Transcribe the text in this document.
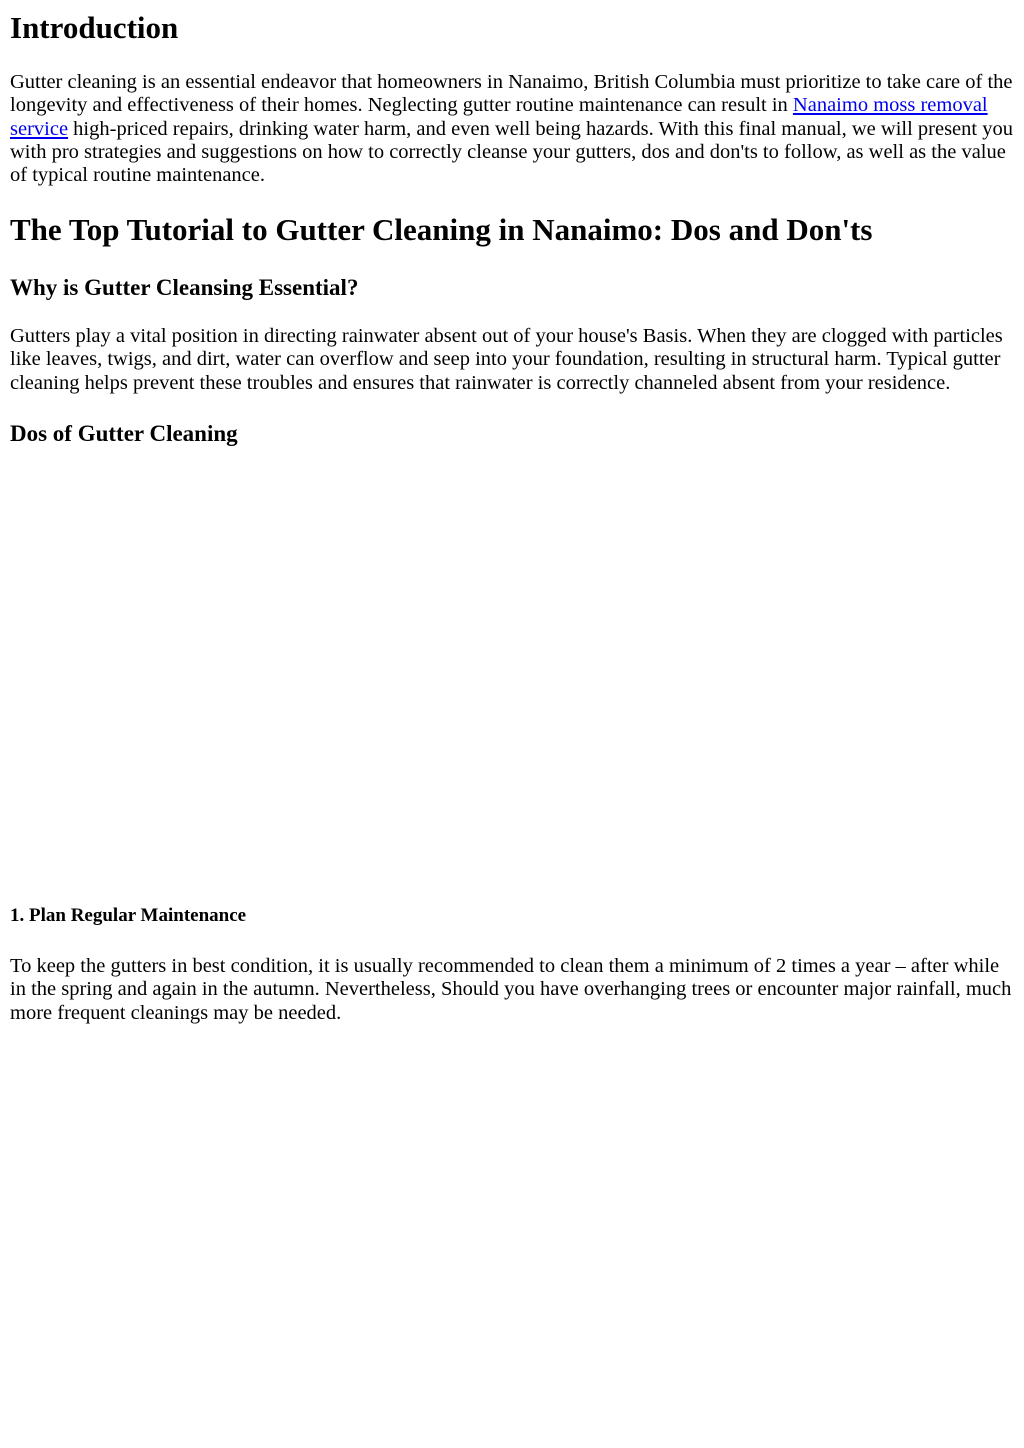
Introduction

Gutter cleaning is an essential endeavor that homeowners in Nanaimo, British Columbia must prioritize to take care of the longevity and effectiveness of their homes. Neglecting gutter routine maintenance can result in Nanaimo moss removal service high-priced repairs, drinking water harm, and even well being hazards. With this final manual, we will present you with pro strategies and suggestions on how to correctly cleanse your gutters, dos and don'ts to follow, as well as the value of typical routine maintenance.

The Top Tutorial to Gutter Cleaning in Nanaimo: Dos and Don'ts
Why is Gutter Cleansing Essential?

Gutters play a vital position in directing rainwater absent out of your house's Basis. When they are clogged with particles like leaves, twigs, and dirt, water can overflow and seep into your foundation, resulting in structural harm. Typical gutter cleaning helps prevent these troubles and ensures that rainwater is correctly channeled absent from your residence.

Dos of Gutter Cleaning
1. Plan Regular Maintenance

To keep the gutters in best condition, it is usually recommended to clean them a minimum of 2 times a year – after while in the spring and again in the autumn. Nevertheless, Should you have overhanging trees or encounter major rainfall, much more frequent cleanings may be needed.
